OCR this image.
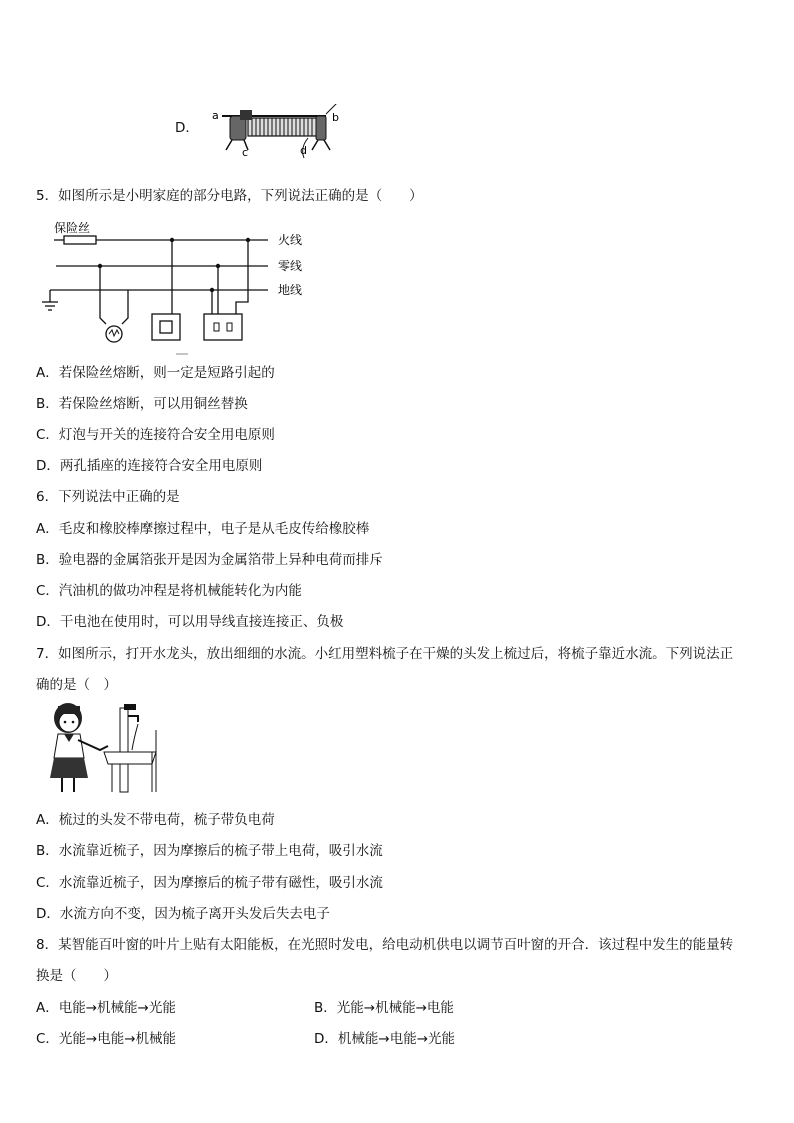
D．
a	b
c	d
5．如图所示是小明家庭的部分电路，下列说法正确的是（　　）
保险丝
火线
零线
地线
A．若保险丝熔断，则一定是短路引起的
B．若保险丝熔断，可以用铜丝替换
C．灯泡与开关的连接符合安全用电原则
D．两孔插座的连接符合安全用电原则
6．下列说法中正确的是
A．毛皮和橡胶棒摩擦过程中，电子是从毛皮传给橡胶棒
B．验电器的金属箔张开是因为金属箔带上异种电荷而排斥
C．汽油机的做功冲程是将机械能转化为内能
D．干电池在使用时，可以用导线直接连接正、负极
7．如图所示，打开水龙头，放出细细的水流。小红用塑料梳子在干燥的头发上梳过后，将梳子靠近水流。下列说法正
确的是（　）
A．梳过的头发不带电荷，梳子带负电荷
B．水流靠近梳子，因为摩擦后的梳子带上电荷，吸引水流
C．水流靠近梳子，因为摩擦后的梳子带有磁性，吸引水流
D．水流方向不变，因为梳子离开头发后失去电子
8．某智能百叶窗的叶片上贴有太阳能板，在光照时发电，给电动机供电以调节百叶窗的开合．该过程中发生的能量转
换是（　　）
A．电能→机械能→光能	B．光能→机械能→电能
C．光能→电能→机械能	D．机械能→电能→光能
